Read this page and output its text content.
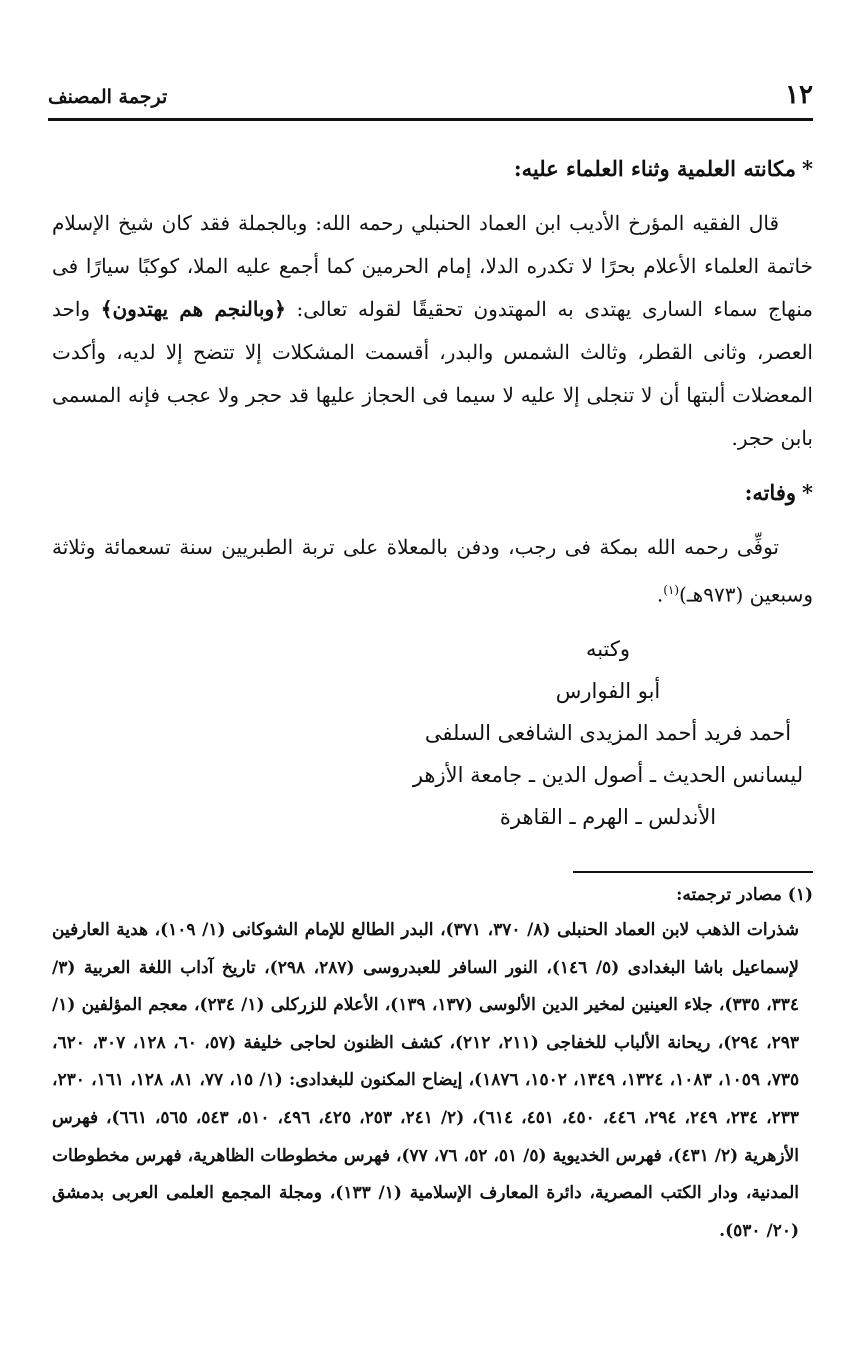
١٢
ترجمة المصنف
*مكانته العلمية وثناء العلماء عليه:

قال الفقيه المؤرخ الأديب ابن العماد الحنبلي رحمه الله: وبالجملة فقد كان شيخ الإسلام خاتمة العلماء الأعلام بحرًا لا تكدره الدلا، إمام الحرمين كما أجمع عليه الملا، كوكبًا سيارًا فى منهاج سماء السارى يهتدى به المهتدون تحقيقًا لقوله تعالى: ﴿وبالنجم هم يهتدون﴾ واحد العصر، وثانى القطر، وثالث الشمس والبدر، أقسمت المشكلات إلا تتضح إلا لديه، وأكدت المعضلات ألبتها أن لا تنجلى إلا عليه لا سيما فى الحجاز عليها قد حجر ولا عجب فإنه المسمى بابن حجر.

*وفاته:

توفِّى رحمه الله بمكة فى رجب، ودفن بالمعلاة على تربة الطبريين سنة تسعمائة وثلاثة وسبعين (٩٧٣هـ)$^{(١)}$.

وكتبه
أبو الفوارس
أحمد فريد أحمد المزيدى الشافعى السلفى
ليسانس الحديث ـ أصول الدين ـ جامعة الأزهر
الأندلس ـ الهرم ـ القاهرة

(١) مصادر ترجمته:

شذرات الذهب لابن العماد الحنبلى (٨/ ٣٧٠، ٣٧١)، البدر الطالع للإمام الشوكانى (١/ ١٠٩)، هدية العارفين لإسماعيل باشا البغدادى (٥/ ١٤٦)، النور السافر للعبدروسى (٢٨٧، ٢٩٨)، تاريخ آداب اللغة العربية (٣/ ٣٣٤، ٣٣٥)، جلاء العينين لمخير الدين الألوسى (١٣٧، ١٣٩)، الأعلام للزركلى (١/ ٢٣٤)، معجم المؤلفين (١/ ٢٩٣، ٢٩٤)، ريحانة الألباب للخفاجى (٢١١، ٢١٢)، كشف الظنون لحاجى خليفة (٥٧، ٦٠، ١٢٨، ٣٠٧، ٦٢٠، ٧٣٥، ١٠٥٩، ١٠٨٣، ١٣٢٤، ١٣٤٩، ١٥٠٢، ١٨٧٦)، إيضاح المكنون للبغدادى: (١/ ١٥، ٧٧، ٨١، ١٢٨، ١٦١، ٢٣٠، ٢٣٣، ٢٣٤، ٢٤٩، ٢٩٤، ٤٤٦، ٤٥٠، ٤٥١، ٦١٤)، (٢/ ٢٤١، ٢٥٣، ٤٢٥، ٤٩٦، ٥١٠، ٥٤٣، ٥٦٥، ٦٦١)، فهرس الأزهرية (٢/ ٤٣١)، فهرس الخديوية (٥/ ٥١، ٥٢، ٧٦، ٧٧)، فهرس مخطوطات الظاهرية، فهرس مخطوطات المدنية، ودار الكتب المصرية، دائرة المعارف الإسلامية (١/ ١٣٣)، ومجلة المجمع العلمى العربى بدمشق (٢٠/ ٥٣٠).
